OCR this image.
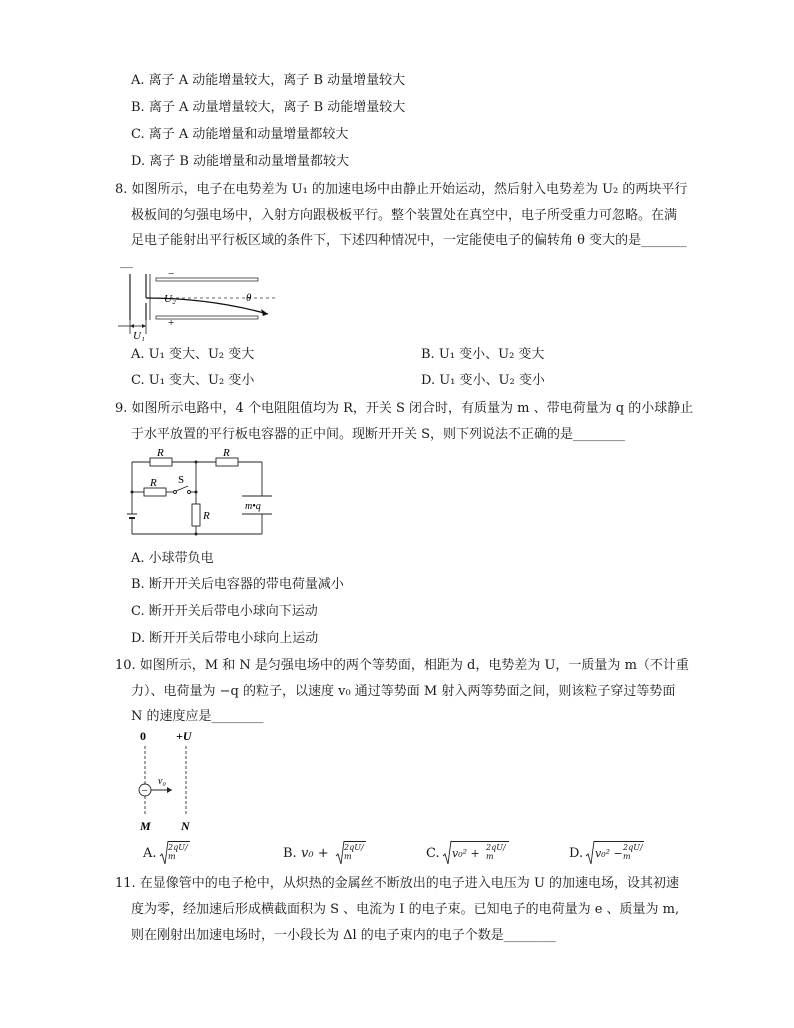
A. 离子 A 动能增量较大，离子 B 动量增量较大
B. 离子 A 动量增量较大，离子 B 动能增量较大
C. 离子 A 动能增量和动量增量都较大
D. 离子 B 动能增量和动量增量都较大
8. 如图所示，电子在电势差为 U₁ 的加速电场中由静止开始运动，然后射入电势差为 U₂ 的两块平行
极板间的匀强电场中，入射方向跟极板平行。整个装置处在真空中，电子所受重力可忽略。在满
足电子能射出平行板区域的条件下，下述四种情况中，一定能使电子的偏转角 θ 变大的是_______
__
−
+
U₂	θ
U₁
A. U₁ 变大、U₂ 变大	B. U₁ 变小、U₂ 变大
C. U₁ 变大、U₂ 变小	D. U₁ 变小、U₂ 变小
9. 如图所示电路中，4 个电阻阻值均为 R，开关 S 闭合时，有质量为 m 、带电荷量为 q 的小球静止
于水平放置的平行板电容器的正中间。现断开开关 S，则下列说法不正确的是________
R	R
R S
R
m•q
A. 小球带负电
B. 断开开关后电容器的带电荷量减小
C. 断开开关后带电小球向下运动
D. 断开开关后带电小球向上运动
10. 如图所示，M 和 N 是匀强电场中的两个等势面，相距为 d，电势差为 U，一质量为 m（不计重
力）、电荷量为 −q 的粒子，以速度 v₀ 通过等势面 M 射入两等势面之间，则该粒子穿过等势面
N 的速度应是________
0	+U
−
v₀
M	N
A. 2qU/m	B. v₀ + 2qU/m	C. v₀² + 2qU/m	D. v₀² − 2qU/m
11. 在显像管中的电子枪中，从炽热的金属丝不断放出的电子进入电压为 U 的加速电场，设其初速
度为零，经加速后形成横截面积为 S 、电流为 I 的电子束。已知电子的电荷量为 e 、质量为 m,
则在刚射出加速电场时，一小段长为 Δl 的电子束内的电子个数是________
